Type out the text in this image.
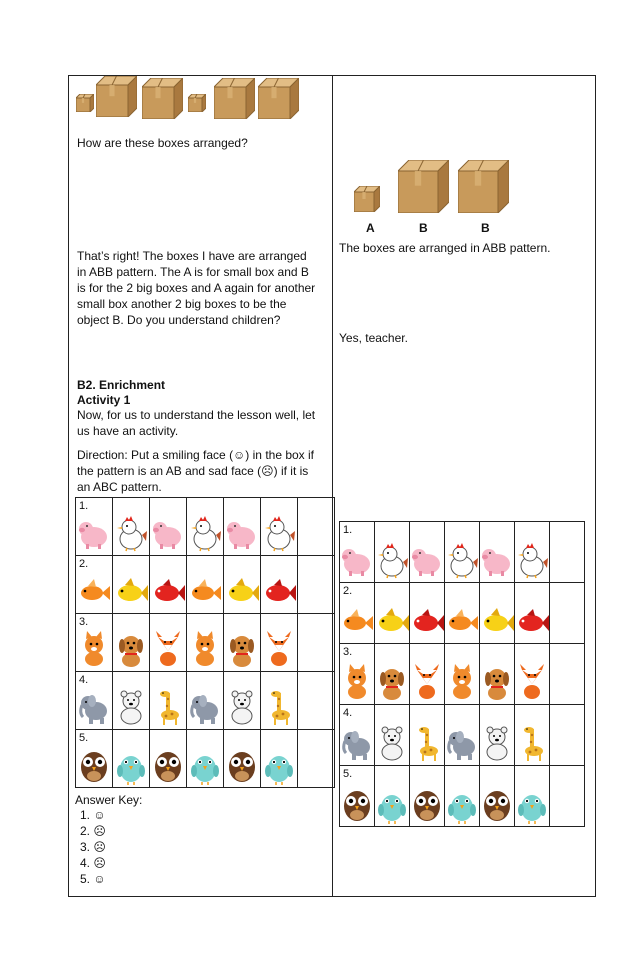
How are these boxes arranged?
That’s right! The boxes I have are arranged
in ABB pattern. The A is for small box and B
is for the 2 big boxes and A again for another
small box another 2 big boxes to be the
object B. Do you understand children?
B2. Enrichment
Activity 1
Now, for us to understand the lesson well, let
us have an activity.
Direction: Put a smiling face (☺) in the box if
the pattern is an AB and sad face (☹) if it is
an ABC pattern.
A	B	B
The boxes are arranged in ABB pattern.
Yes, teacher.
1.

2.

3.

4.

5.

1.

2.

3.

4.

5.

Answer Key:
1. ☺
2. ☹
3. ☹
4. ☹
5. ☺
